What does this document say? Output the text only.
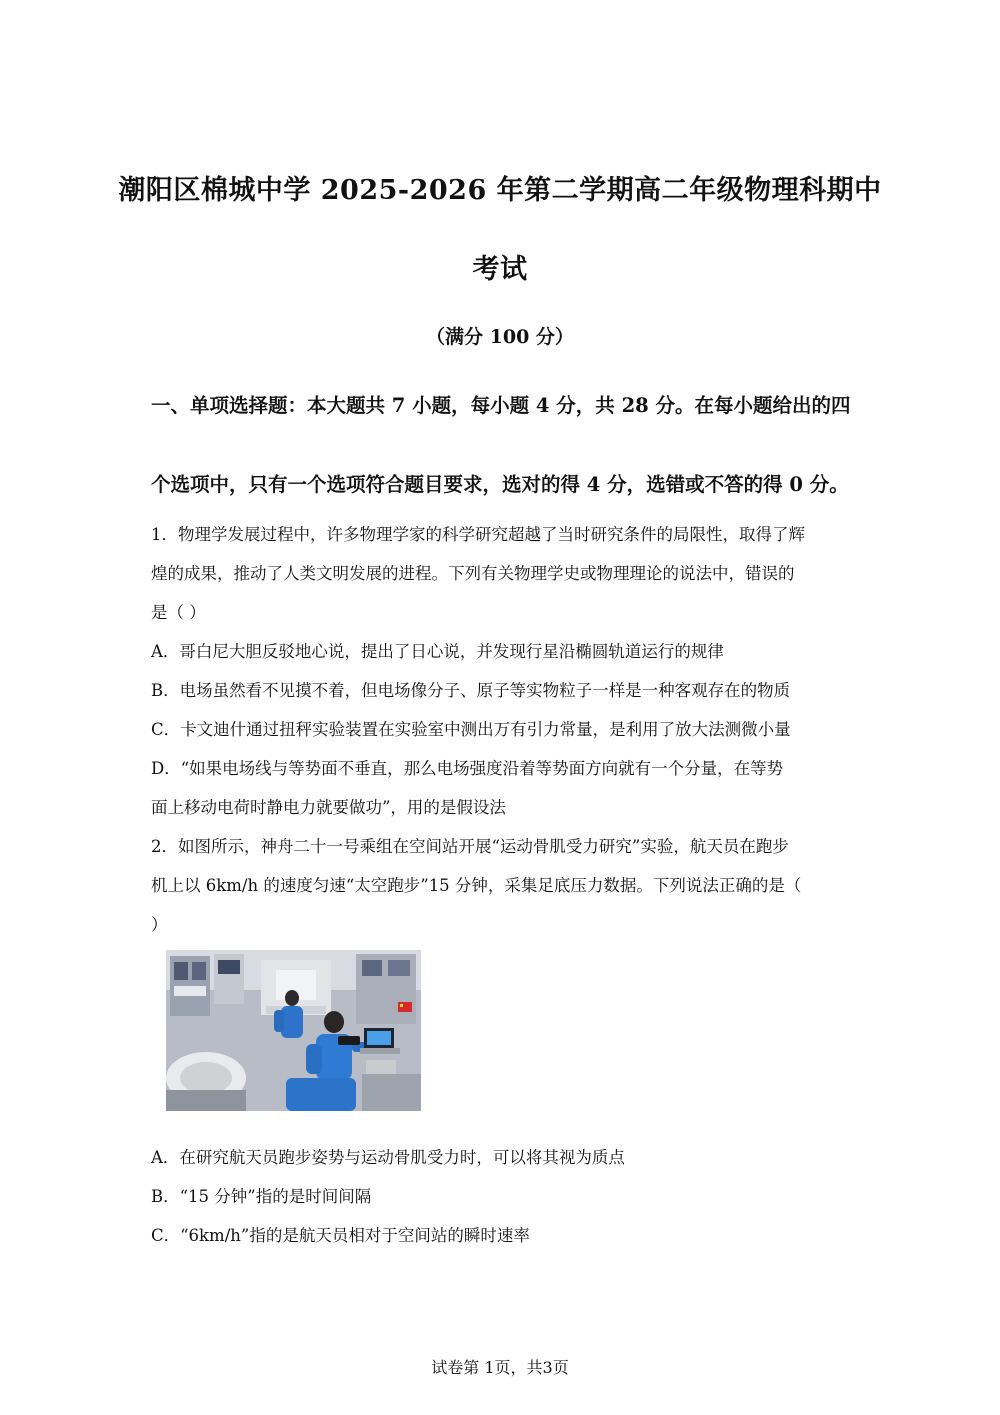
潮阳区棉城中学 2025-2026 年第二学期高二年级物理科期中
考试
（满分 100 分）
一、单项选择题：本大题共 7 小题，每小题 4 分，共 28 分。在每小题给出的四
个选项中，只有一个选项符合题目要求，选对的得 4 分，选错或不答的得 0 分。
1．物理学发展过程中，许多物理学家的科学研究超越了当时研究条件的局限性，取得了辉
煌的成果，推动了人类文明发展的进程。下列有关物理学史或物理理论的说法中，错误的
是（ ）
A．哥白尼大胆反驳地心说，提出了日心说，并发现行星沿椭圆轨道运行的规律
B．电场虽然看不见摸不着，但电场像分子、原子等实物粒子一样是一种客观存在的物质
C．卡文迪什通过扭秤实验装置在实验室中测出万有引力常量，是利用了放大法测微小量
D．“如果电场线与等势面不垂直，那么电场强度沿着等势面方向就有一个分量，在等势
面上移动电荷时静电力就要做功”，用的是假设法
2．如图所示，神舟二十一号乘组在空间站开展“运动骨肌受力研究”实验，航天员在跑步
机上以 6km/h 的速度匀速“太空跑步”15 分钟，采集足底压力数据。下列说法正确的是（
）
A．在研究航天员跑步姿势与运动骨肌受力时，可以将其视为质点
B．“15 分钟”指的是时间间隔
C．“6km/h”指的是航天员相对于空间站的瞬时速率
试卷第 1页，共3页
